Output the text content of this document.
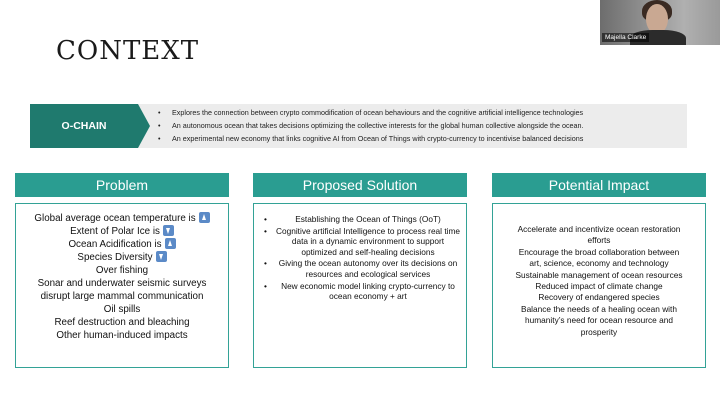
CONTEXT
O-CHAIN
• Explores the connection between crypto commodification of ocean behaviours and the cognitive artificial intelligence technologies
• An autonomous ocean that takes decisions optimizing the collective interests for the global human collective alongside the ocean.
• An experimental new economy that links cognitive AI from Ocean of Things with crypto-currency to incentivise balanced decisions
Problem
Global average ocean temperature is
Extent of Polar Ice is
Ocean Acidification is
Species Diversity
Over fishing
Sonar and underwater seismic surveys
disrupt large mammal communication
Oil spills
Reef destruction and bleaching
Other human-induced impacts
Proposed Solution
• Establishing the Ocean of Things (OoT)
• Cognitive artificial Intelligence to process real time data in a dynamic environment to support optimized and self-healing decisions
• Giving the ocean autonomy over its decisions on resources and ecological services
• New economic model linking crypto-currency to ocean economy + art
Potential Impact
Accelerate and incentivize ocean restoration
efforts
Encourage the broad collaboration between
art, science, economy and technology
Sustainable management of ocean resources
Reduced impact of climate change
Recovery of endangered species
Balance the needs of a healing ocean with
humanity’s need for ocean resource and
prosperity
Majella Clarke
